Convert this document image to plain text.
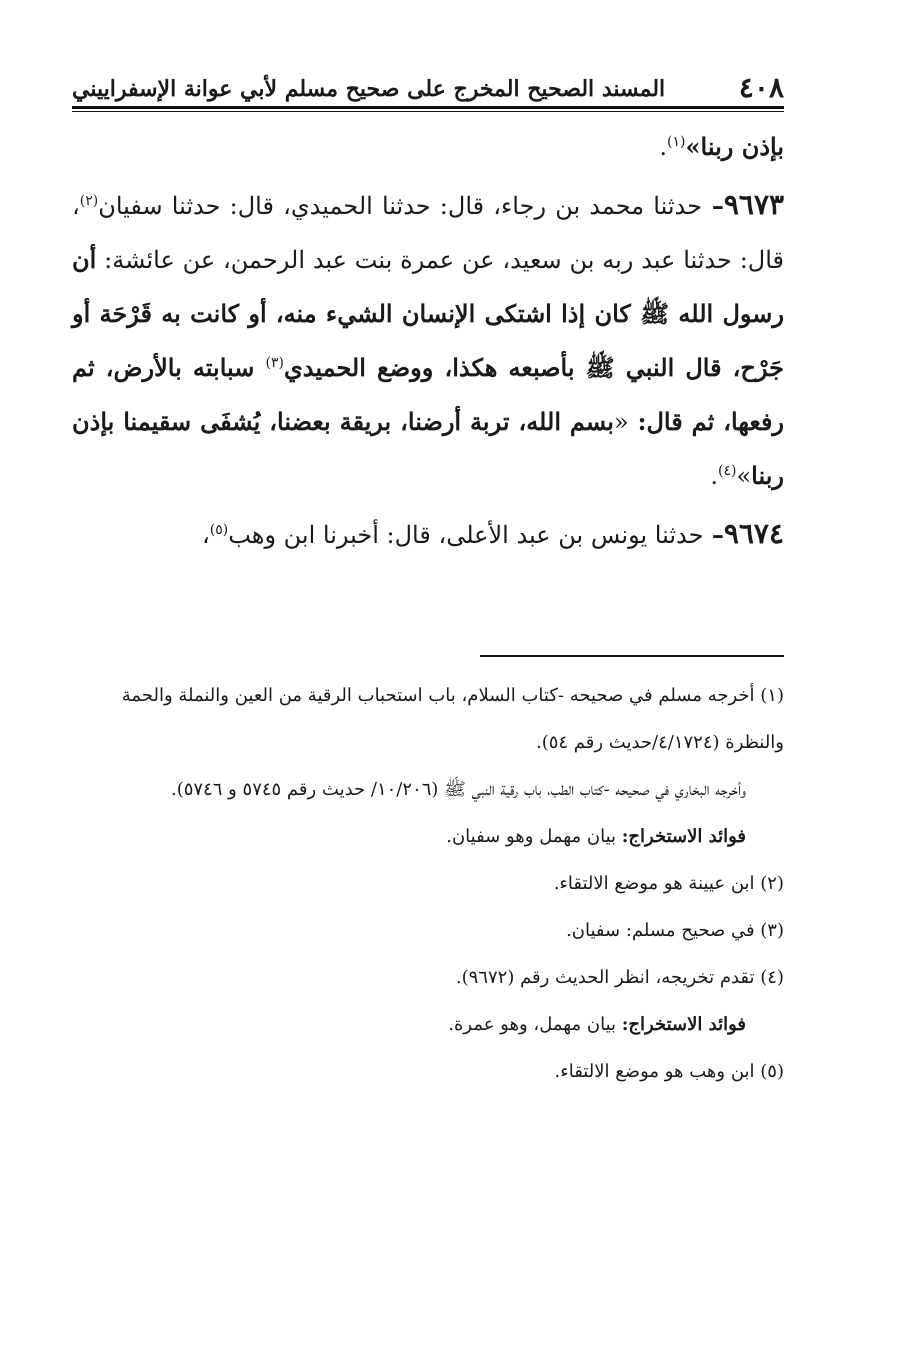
٤٠٨
المسند الصحيح المخرج على صحيح مسلم لأبي عوانة الإسفراييني

بإذن ربنا»$^{(١)}$.

٩٦٧٣– حدثنا محمد بن رجاء، قال: حدثنا الحميدي، قال: حدثنا سفيان$^{(٢)}$، قال: حدثنا عبد ربه بن سعيد، عن عمرة بنت عبد الرحمن، عن عائشة: أن رسول الله ﷺ كان إذا اشتكى الإنسان الشيء منه، أو كانت به قَرْحَة أو جَرْح، قال النبي ﷺ بأصبعه هكذا، ووضع الحميدي$^{(٣)}$ سبابته بالأرض، ثم رفعها، ثم قال: «بسم الله، تربة أرضنا، بريقة بعضنا، يُشفَى سقيمنا بإذن ربنا»$^{(٤)}$.

٩٦٧٤– حدثنا يونس بن عبد الأعلى، قال: أخبرنا ابن وهب$^{(٥)}$،

(١) أخرجه مسلم في صحيحه -كتاب السلام، باب استحباب الرقية من العين والنملة والحمة والنظرة (٤/١٧٢٤/حديث رقم ٥٤).

وأخرجه البخاري في صحيحه -كتاب الطب، باب رقية النبي ﷺ (١٠/٢٠٦/ حديث رقم ٥٧٤٥ و ٥٧٤٦).

فوائد الاستخراج: بيان مهمل وهو سفيان.

(٢) ابن عيينة هو موضع الالتقاء.

(٣) في صحيح مسلم: سفيان.

(٤) تقدم تخريجه، انظر الحديث رقم (٩٦٧٢).

فوائد الاستخراج: بيان مهمل، وهو عمرة.

(٥) ابن وهب هو موضع الالتقاء.
